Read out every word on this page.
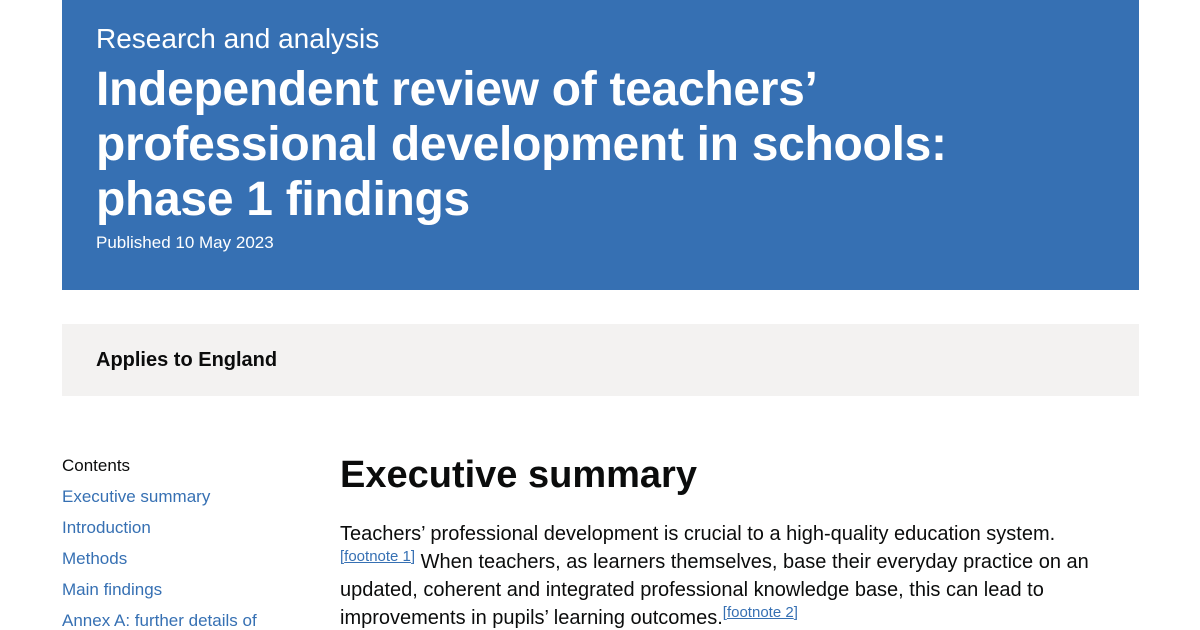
Research and analysis
Independent review of teachers’ professional development in schools: phase 1 findings
Published 10 May 2023
Applies to England
Contents
Executive summary
Introduction
Methods
Main findings
Annex A: further details of
Executive summary

Teachers’ professional development is crucial to a high-quality education system.
[footnote 1] When teachers, as learners themselves, base their everyday practice on an updated, coherent and integrated professional knowledge base, this can lead to improvements in pupils’ learning outcomes.[footnote 2]
